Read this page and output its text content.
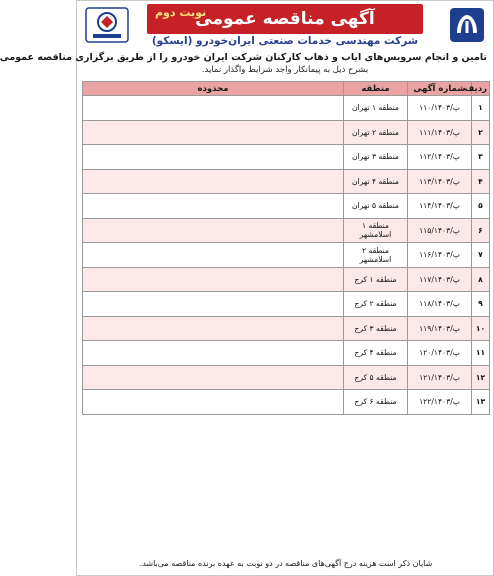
آگهی مناقصه عمومی
نوبت دوم
شرکت مهندسی خدمات صنعتی ایران‌خودرو (ایسکو)
تامین و انجام سرویس‌های ایاب و ذهاب کارکنان شرکت ایران خودرو را از طریق برگزاری مناقصه عمومی
بشرح ذیل به پیمانکار واجد شرایط واگذار نماید.
ردیف	شماره آگهی	منطقه	محدوده
۱	۱۱۰/پ/۱۴۰۳	منطقه ۱ تهران	
۲	۱۱۱/پ/۱۴۰۳	منطقه ۲ تهران	
۳	۱۱۲/پ/۱۴۰۳	منطقه ۳ تهران	
۴	۱۱۳/پ/۱۴۰۳	منطقه ۴ تهران	
۵	۱۱۴/پ/۱۴۰۳	منطقه ۵ تهران	
۶	۱۱۵/پ/۱۴۰۳	منطقه ۱ اسلامشهر	
۷	۱۱۶/پ/۱۴۰۳	منطقه ۲ اسلامشهر	
۸	۱۱۷/پ/۱۴۰۳	منطقه ۱ کرج	
۹	۱۱۸/پ/۱۴۰۳	منطقه ۲ کرج	
۱۰	۱۱۹/پ/۱۴۰۳	منطقه ۳ کرج	
۱۱	۱۲۰/پ/۱۴۰۳	منطقه ۴ کرج	
۱۲	۱۲۱/پ/۱۴۰۳	منطقه ۵ کرج	
۱۳	۱۲۲/پ/۱۴۰۳	منطقه ۶ کرج	
شایان ذکر است هزینه درج آگهی‌های مناقصه در دو نوبت به عهده برنده مناقصه می‌باشد.
